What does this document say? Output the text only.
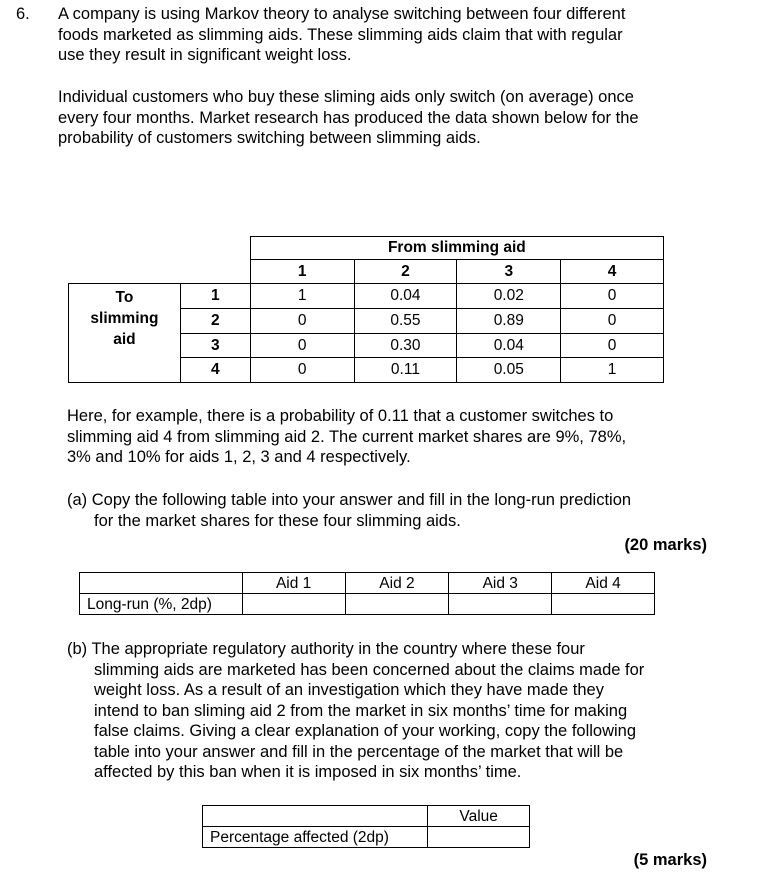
6. A company is using Markov theory to analyse switching between four different
foods marketed as slimming aids. These slimming aids claim that with regular
use they result in significant weight loss.
Individual customers who buy these sliming aids only switch (on average) once
every four months. Market research has produced the data shown below for the
probability of customers switching between slimming aids.
		From slimming aid			
		1	2	3	4

To
slimming
aid	1	1	0.04	0.02	0
	2	0	0.55	0.89	0
	3	0	0.30	0.04	0
	4	0	0.11	0.05	1
Here, for example, there is a probability of 0.11 that a customer switches to
slimming aid 4 from slimming aid 2. The current market shares are 9%, 78%,
3% and 10% for aids 1, 2, 3 and 4 respectively.
(a) Copy the following table into your answer and fill in the long-run prediction
for the market shares for these four slimming aids.
(20 marks)
	Aid 1	Aid 2	Aid 3	Aid 4
Long-run (%, 2dp)				
(b) The appropriate regulatory authority in the country where these four
slimming aids are marketed has been concerned about the claims made for
weight loss. As a result of an investigation which they have made they
intend to ban sliming aid 2 from the market in six months’ time for making
false claims. Giving a clear explanation of your working, copy the following
table into your answer and fill in the percentage of the market that will be
affected by this ban when it is imposed in six months’ time.
	Value
Percentage affected (2dp)	
(5 marks)
